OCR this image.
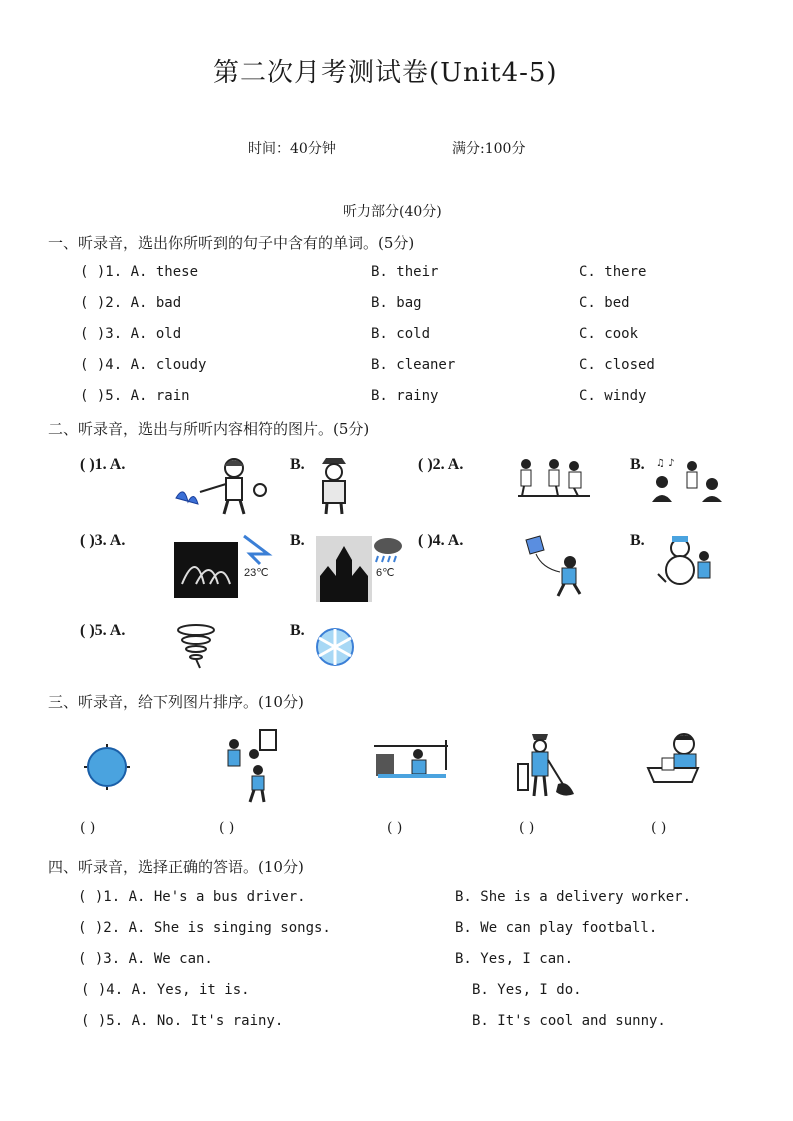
第二次月考测试卷(Unit4-5)
时间：40分钟	满分:100分
听力部分(40分)
一、听录音，选出你所听到的句子中含有的单词。(5分)
( )1. A. these	B. their	C. there
( )2. A. bad	B. bag	C. bed
( )3. A. old	B. cold	C. cook
( )4. A. cloudy	B. cleaner	C. closed
( )5. A. rain	B. rainy	C. windy
二、听录音，选出与所听内容相符的图片。(5分)
( )1. A.	B.	( )2. A.	B. ♫ ♪
( )3. A.
23℃
B.
6℃
( )4. A.	B.
( )5. A.	B.
三、听录音，给下列图片排序。(10分)
( )	( )	( )	( )	( )
四、听录音，选择正确的答语。(10分)
( )1. A. He's a bus driver.	B. She is a delivery worker.
( )2. A. She is singing songs.	B. We can play football.
( )3. A. We can.	B. Yes, I can.
( )4. A. Yes, it is.	B. Yes, I do.
( )5. A. No. It's rainy.	B. It's cool and sunny.
